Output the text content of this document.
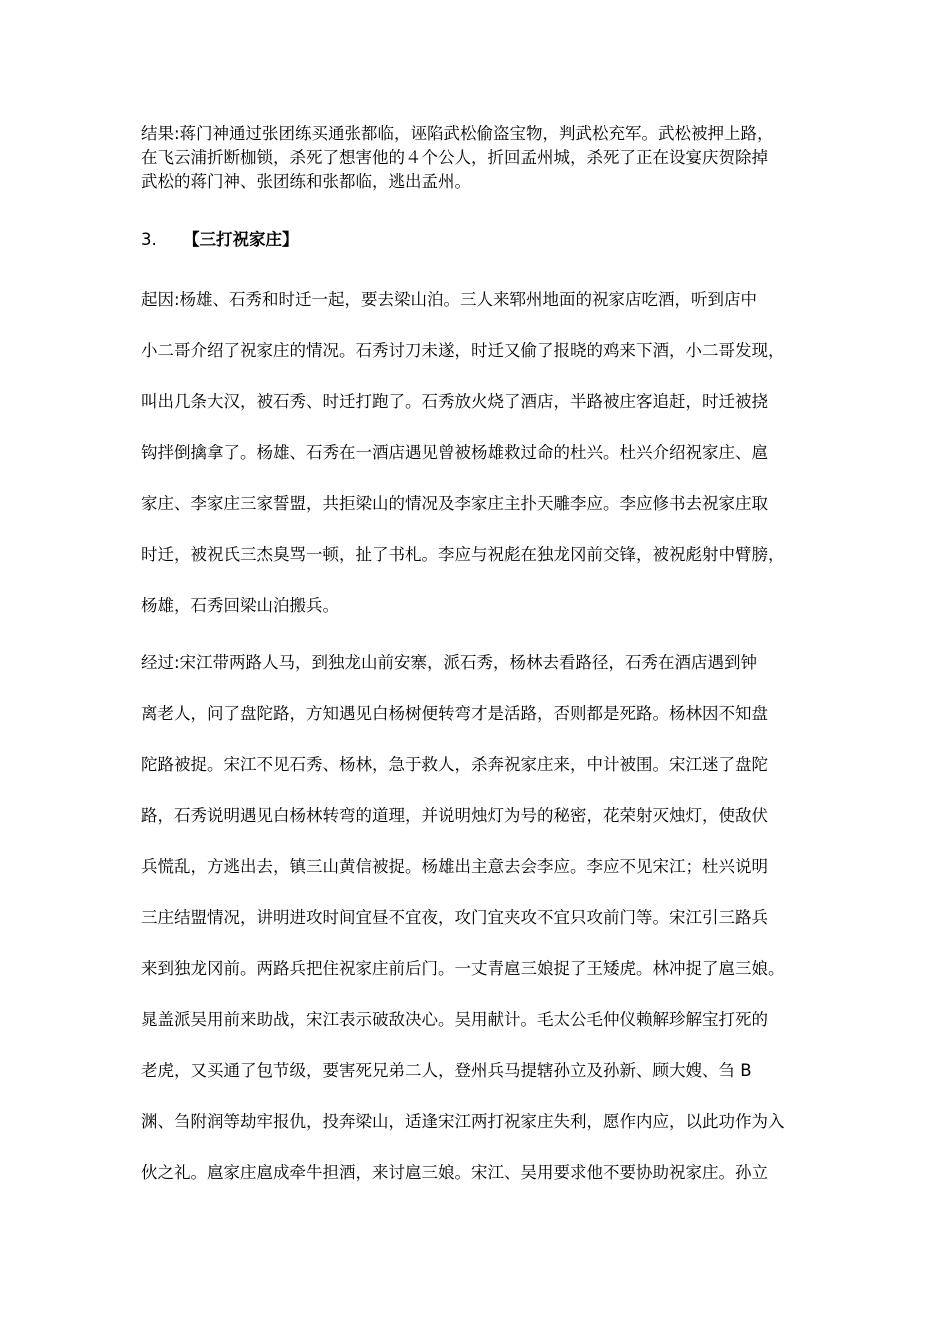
结果:蒋门神通过张团练买通张都临，诬陷武松偷盗宝物，判武松充军。武松被押上路，

在飞云浦折断枷锁，杀死了想害他的４个公人，折回孟州城，杀死了正在设宴庆贺除掉

武松的蒋门神、张团练和张都临，逃出孟州。

3. 【三打祝家庄】

起因:杨雄、石秀和时迁一起，要去梁山泊。三人来郓州地面的祝家店吃酒，听到店中

小二哥介绍了祝家庄的情况。石秀讨刀未遂，时迁又偷了报晓的鸡来下酒，小二哥发现，

叫出几条大汉，被石秀、时迁打跑了。石秀放火烧了酒店，半路被庄客追赶，时迁被挠

钩拌倒擒拿了。杨雄、石秀在一酒店遇见曾被杨雄救过命的杜兴。杜兴介绍祝家庄、扈

家庄、李家庄三家誓盟，共拒梁山的情况及李家庄主扑天雕李应。李应修书去祝家庄取

时迁，被祝氏三杰臭骂一顿，扯了书札。李应与祝彪在独龙冈前交锋，被祝彪射中臂膀，

杨雄，石秀回梁山泊搬兵。

经过:宋江带两路人马，到独龙山前安寨，派石秀，杨林去看路径，石秀在酒店遇到钟

离老人，问了盘陀路，方知遇见白杨树便转弯才是活路，否则都是死路。杨林因不知盘

陀路被捉。宋江不见石秀、杨林，急于救人，杀奔祝家庄来，中计被围。宋江迷了盘陀

路，石秀说明遇见白杨林转弯的道理，并说明烛灯为号的秘密，花荣射灭烛灯，使敌伏

兵慌乱，方逃出去，镇三山黄信被捉。杨雄出主意去会李应。李应不见宋江；杜兴说明

三庄结盟情况，讲明进攻时间宜昼不宜夜，攻门宜夹攻不宜只攻前门等。宋江引三路兵

来到独龙冈前。两路兵把住祝家庄前后门。一丈青扈三娘捉了王矮虎。林冲捉了扈三娘。

晁盖派吴用前来助战，宋江表示破敌决心。吴用献计。毛太公毛仲仪赖解珍解宝打死的

老虎，又买通了包节级，要害死兄弟二人，登州兵马提辖孙立及孙新、顾大嫂、刍 B

渊、刍附润等劫牢报仇，投奔梁山，适逢宋江两打祝家庄失利，愿作内应，以此功作为入

伙之礼。扈家庄扈成牵牛担酒，来讨扈三娘。宋江、吴用要求他不要协助祝家庄。孙立
